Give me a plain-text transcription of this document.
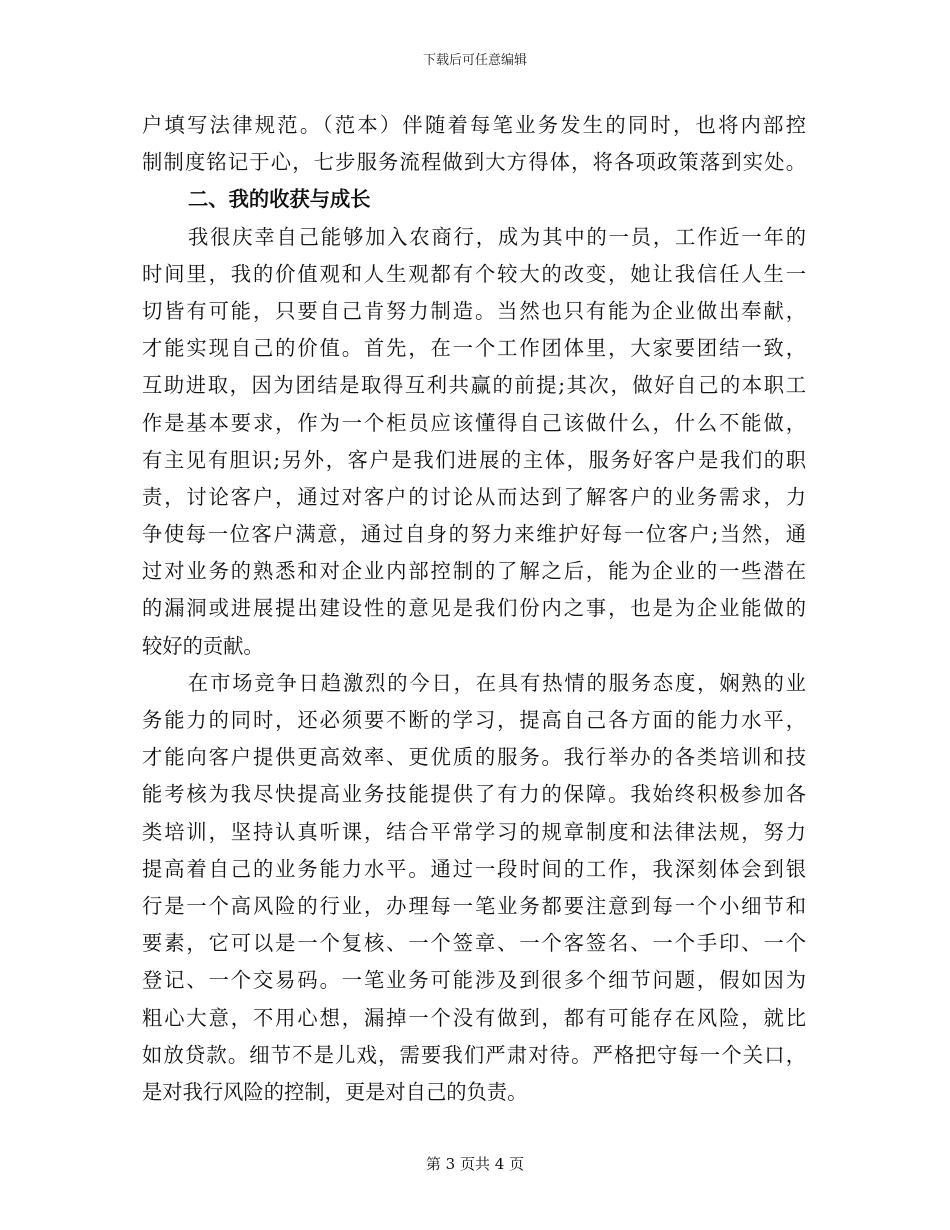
下载后可任意编辑
户填写法律规范。（范本）伴随着每笔业务发生的同时，也将内部控
制制度铭记于心，七步服务流程做到大方得体，将各项政策落到实处。
二、我的收获与成长
我很庆幸自己能够加入农商行，成为其中的一员，工作近一年的
时间里，我的价值观和人生观都有个较大的改变，她让我信任人生一
切皆有可能，只要自己肯努力制造。当然也只有能为企业做出奉献，
才能实现自己的价值。首先，在一个工作团体里，大家要团结一致，
互助进取，因为团结是取得互利共赢的前提;其次，做好自己的本职工
作是基本要求，作为一个柜员应该懂得自己该做什么，什么不能做，
有主见有胆识;另外，客户是我们进展的主体，服务好客户是我们的职
责，讨论客户，通过对客户的讨论从而达到了解客户的业务需求，力
争使每一位客户满意，通过自身的努力来维护好每一位客户;当然，通
过对业务的熟悉和对企业内部控制的了解之后，能为企业的一些潜在
的漏洞或进展提出建设性的意见是我们份内之事，也是为企业能做的
较好的贡献。
在市场竞争日趋激烈的今日，在具有热情的服务态度，娴熟的业
务能力的同时，还必须要不断的学习，提高自己各方面的能力水平，
才能向客户提供更高效率、更优质的服务。我行举办的各类培训和技
能考核为我尽快提高业务技能提供了有力的保障。我始终积极参加各
类培训，坚持认真听课，结合平常学习的规章制度和法律法规，努力
提高着自己的业务能力水平。通过一段时间的工作，我深刻体会到银
行是一个高风险的行业，办理每一笔业务都要注意到每一个小细节和
要素，它可以是一个复核、一个签章、一个客签名、一个手印、一个
登记、一个交易码。一笔业务可能涉及到很多个细节问题，假如因为
粗心大意，不用心想，漏掉一个没有做到，都有可能存在风险，就比
如放贷款。细节不是儿戏，需要我们严肃对待。严格把守每一个关口，
是对我行风险的控制，更是对自己的负责。
第 3 页共 4 页
